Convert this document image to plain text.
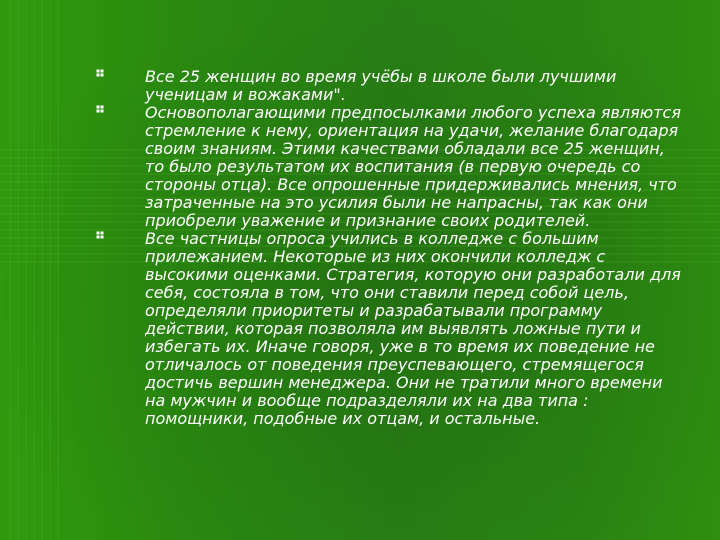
Все 25 женщин во время учёбы в школе были лучшими ученицам и вожаками".
Основополагающими предпосылками любого успеха являются стремление к нему, ориентация на удачи, желание благодаря своим знаниям. Этими качествами обладали все 25 женщин, то было результатом их воспитания (в первую очередь со стороны отца). Все опрошенные придерживались мнения, что затраченные на это усилия были не напрасны, так как они приобрели уважение и признание своих родителей.
Все частницы опроса учились в колледже с большим прилежанием. Некоторые из них окончили колледж с высокими оценками. Стратегия, которую они разработали для себя, состояла в том, что они ставили перед собой цель, определяли приоритеты и разрабатывали программу действии, которая позволяла им выявлять ложные пути и избегать их. Иначе говоря, уже в то время их поведение не отличалось от поведения преуспевающего, стремящегося достичь вершин менеджера. Они не тратили много времени на мужчин и вообще подразделяли их на два типа : помощники, подобные их отцам, и остальные.
